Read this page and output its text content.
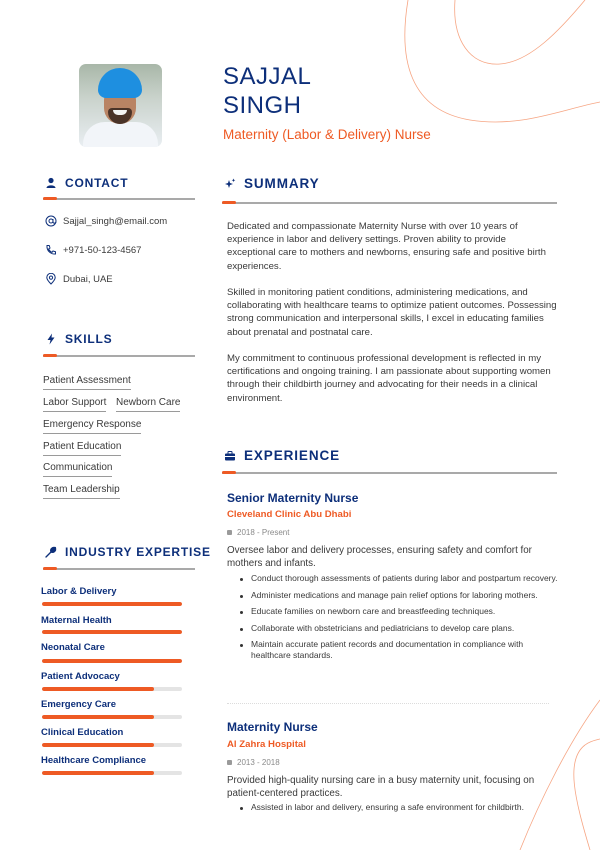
SAJJAL
SINGH
Maternity (Labor & Delivery) Nurse
CONTACT
Sajjal_singh@email.com
+971-50-123-4567
Dubai, UAE
SKILLS
Patient Assessment
Labor Support Newborn Care
Emergency Response
Patient Education
Communication
Team Leadership
INDUSTRY EXPERTISE
Labor & Delivery
Maternal Health
Neonatal Care
Patient Advocacy
Emergency Care
Clinical Education
Healthcare Compliance
SUMMARY

Dedicated and compassionate Maternity Nurse with over 10 years of experience in labor and delivery settings. Proven ability to provide exceptional care to mothers and newborns, ensuring safe and positive birth experiences.

Skilled in monitoring patient conditions, administering medications, and collaborating with healthcare teams to optimize patient outcomes. Possessing strong communication and interpersonal skills, I excel in educating families about prenatal and postnatal care.

My commitment to continuous professional development is reflected in my certifications and ongoing training. I am passionate about supporting women through their childbirth journey and advocating for their needs in a clinical environment.

EXPERIENCE
Senior Maternity Nurse
Cleveland Clinic Abu Dhabi
2018 - Present

Oversee labor and delivery processes, ensuring safety and comfort for mothers and infants.

Conduct thorough assessments of patients during labor and postpartum recovery.
Administer medications and manage pain relief options for laboring mothers.
Educate families on newborn care and breastfeeding techniques.
Collaborate with obstetricians and pediatricians to develop care plans.
Maintain accurate patient records and documentation in compliance with healthcare standards.
Maternity Nurse
Al Zahra Hospital
2013 - 2018

Provided high-quality nursing care in a busy maternity unit, focusing on patient-centered practices.

Assisted in labor and delivery, ensuring a safe environment for childbirth.
